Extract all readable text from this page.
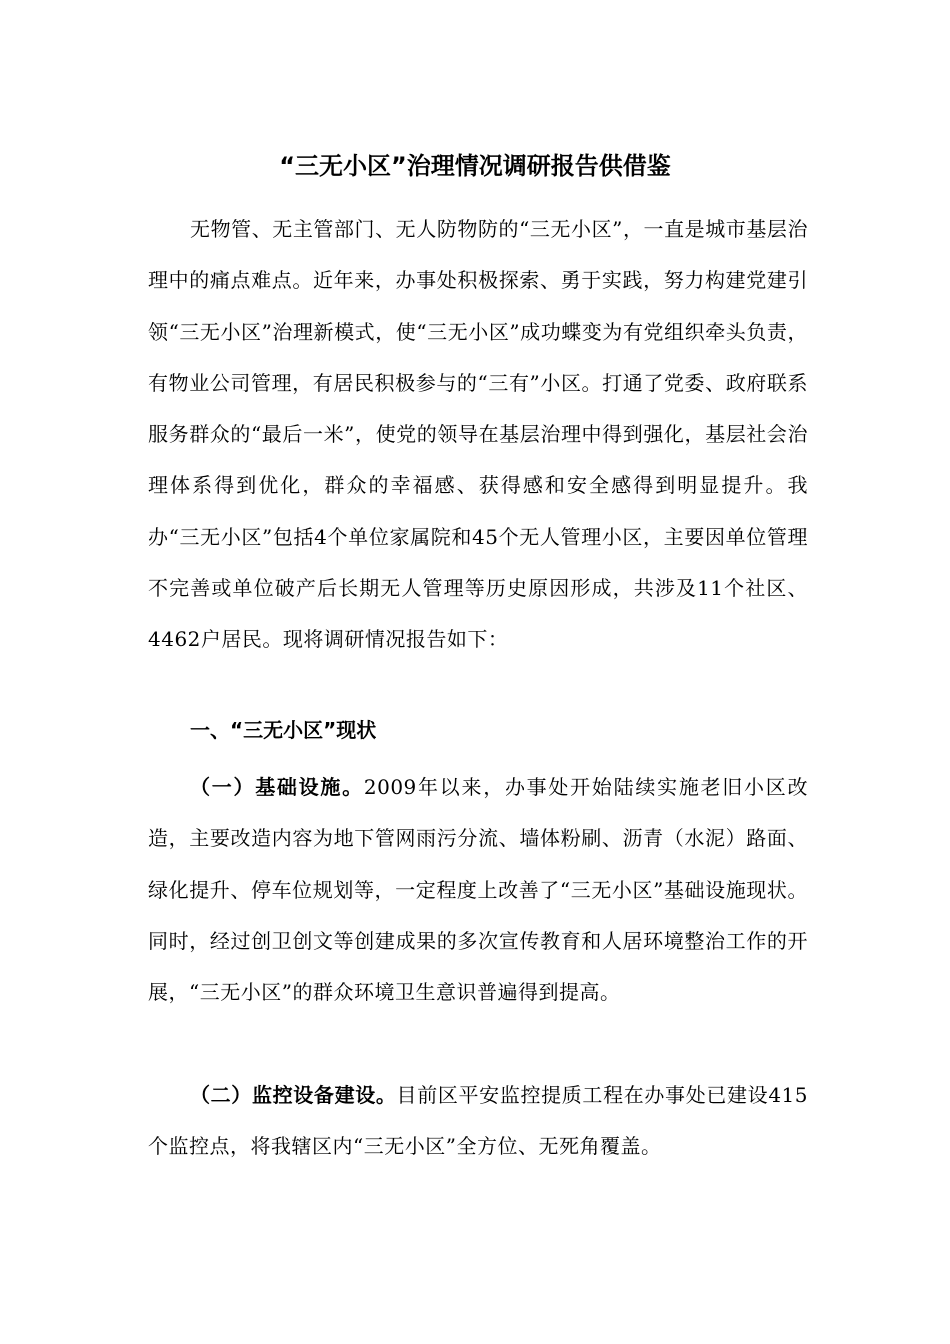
“三无小区”治理情况调研报告供借鉴

无物管、无主管部门、无人防物防的“三无小区”，一直是城市基层治理中的痛点难点。近年来，办事处积极探索、勇于实践，努力构建党建引领“三无小区”治理新模式，使“三无小区”成功蝶变为有党组织牵头负责，有物业公司管理，有居民积极参与的“三有”小区。打通了党委、政府联系服务群众的“最后一米”，使党的领导在基层治理中得到强化，基层社会治理体系得到优化，群众的幸福感、获得感和安全感得到明显提升。我办“三无小区”包括4个单位家属院和45个无人管理小区，主要因单位管理不完善或单位破产后长期无人管理等历史原因形成，共涉及11个社区、4462户居民。现将调研情况报告如下：

一、“三无小区”现状

（一）基础设施。2009年以来，办事处开始陆续实施老旧小区改造，主要改造内容为地下管网雨污分流、墙体粉刷、沥青（水泥）路面、绿化提升、停车位规划等，一定程度上改善了“三无小区”基础设施现状。同时，经过创卫创文等创建成果的多次宣传教育和人居环境整治工作的开展，“三无小区”的群众环境卫生意识普遍得到提高。

（二）监控设备建设。目前区平安监控提质工程在办事处已建设415个监控点，将我辖区内“三无小区”全方位、无死角覆盖。
